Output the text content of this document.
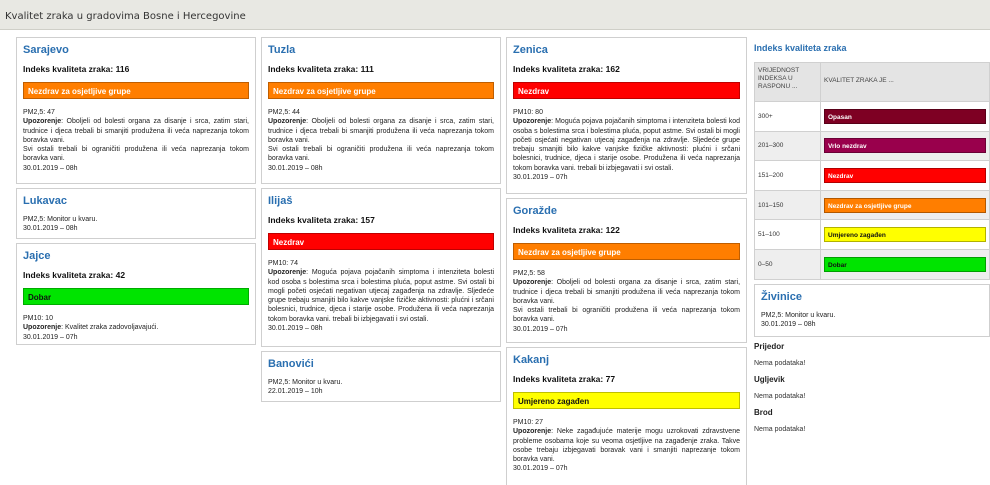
Kvalitet zraka u gradovima Bosne i Hercegovine
Sarajevo
Indeks kvaliteta zraka: 116
Nezdrav za osjetljive grupe
PM2,5: 47
Upozorenje: Obolјeli od bolesti organa za disanje i srca, zatim stari, trudnice i djeca trebali bi smanjiti produžena ili veća naprezanja tokom boravka vani.
Svi ostali trebali bi ograničiti produžena ili veća naprezanja tokom boravka vani.
30.01.2019 – 08h
Lukavac
PM2,5: Monitor u kvaru.
30.01.2019 – 08h
Jajce
Indeks kvaliteta zraka: 42
Dobar
PM10: 10
Upozorenje: Kvalitet zraka zadovoljavajući.
30.01.2019 – 07h
Tuzla
Indeks kvaliteta zraka: 111
Nezdrav za osjetljive grupe
PM2,5: 44
Upozorenje: Obolјeli od bolesti organa za disanje i srca, zatim stari, trudnice i djeca trebali bi smanjiti produžena ili veća naprezanja tokom boravka vani.
Svi ostali trebali bi ograničiti produžena ili veća naprezanja tokom boravka vani.
30.01.2019 – 08h
Ilijaš
Indeks kvaliteta zraka: 157
Nezdrav
PM10: 74
Upozorenje: Moguća pojava pojačanih simptoma i intenziteta bolesti kod osoba s bolestima srca i bolestima pluća, poput astme. Svi ostali bi mogli početi osjećati negativan utjecaj zagađenja na zdravlje. Sljedeće grupe trebaju smanjiti bilo kakve vanjske fizičke aktivnosti: plućni i srčani bolesnici, trudnice, djeca i starije osobe. Produžena ili veća naprezanja tokom boravka vani. trebali bi izbjegavati i svi ostali.
30.01.2019 – 08h
Banovići
PM2,5: Monitor u kvaru.
22.01.2019 – 10h
Zenica
Indeks kvaliteta zraka: 162
Nezdrav
PM10: 80
Upozorenje: Moguća pojava pojačanih simptoma i intenziteta bolesti kod osoba s bolestima srca i bolestima pluća, poput astme. Svi ostali bi mogli početi osjećati negativan utjecaj zagađenja na zdravlje. Sljedeće grupe trebaju smanjiti bilo kakve vanjske fizičke aktivnosti: plućni i srčani bolesnici, trudnice, djeca i starije osobe. Produžena ili veća naprezanja tokom boravka vani. trebali bi izbjegavati i svi ostali.
30.01.2019 – 07h
Goražde
Indeks kvaliteta zraka: 122
Nezdrav za osjetljive grupe
PM2,5: 58
Upozorenje: Obolјeli od bolesti organa za disanje i srca, zatim stari, trudnice i djeca trebali bi smanjiti produžena ili veća naprezanja tokom boravka vani.
Svi ostali trebali bi ograničiti produžena ili veća naprezanja tokom boravka vani.
30.01.2019 – 07h
Kakanj
Indeks kvaliteta zraka: 77
Umjereno zagađen
PM10: 27
Upozorenje: Neke zagađujuće materije mogu uzrokovati zdravstvene probleme osobama koje su veoma osjetljive na zagađenje zraka. Takve osobe trebaju izbjegavati boravak vani i smanjiti naprezanje tokom boravka vani.
30.01.2019 – 07h
Indeks kvaliteta zraka
VRIJEDNOST INDEKSA U RASPONU ...	KVALITET ZRAKA JE ...
300+	Opasan

201–300	Vrlo nezdrav

151–200	Nezdrav

101–150	Nezdrav za osjetljive grupe

51–100	Umjereno zagađen

0–50	Dobar
Živinice
PM2,5: Monitor u kvaru.
30.01.2019 – 08h
Prijedor
Nema podataka!
Ugljevik
Nema podataka!
Brod
Nema podataka!
